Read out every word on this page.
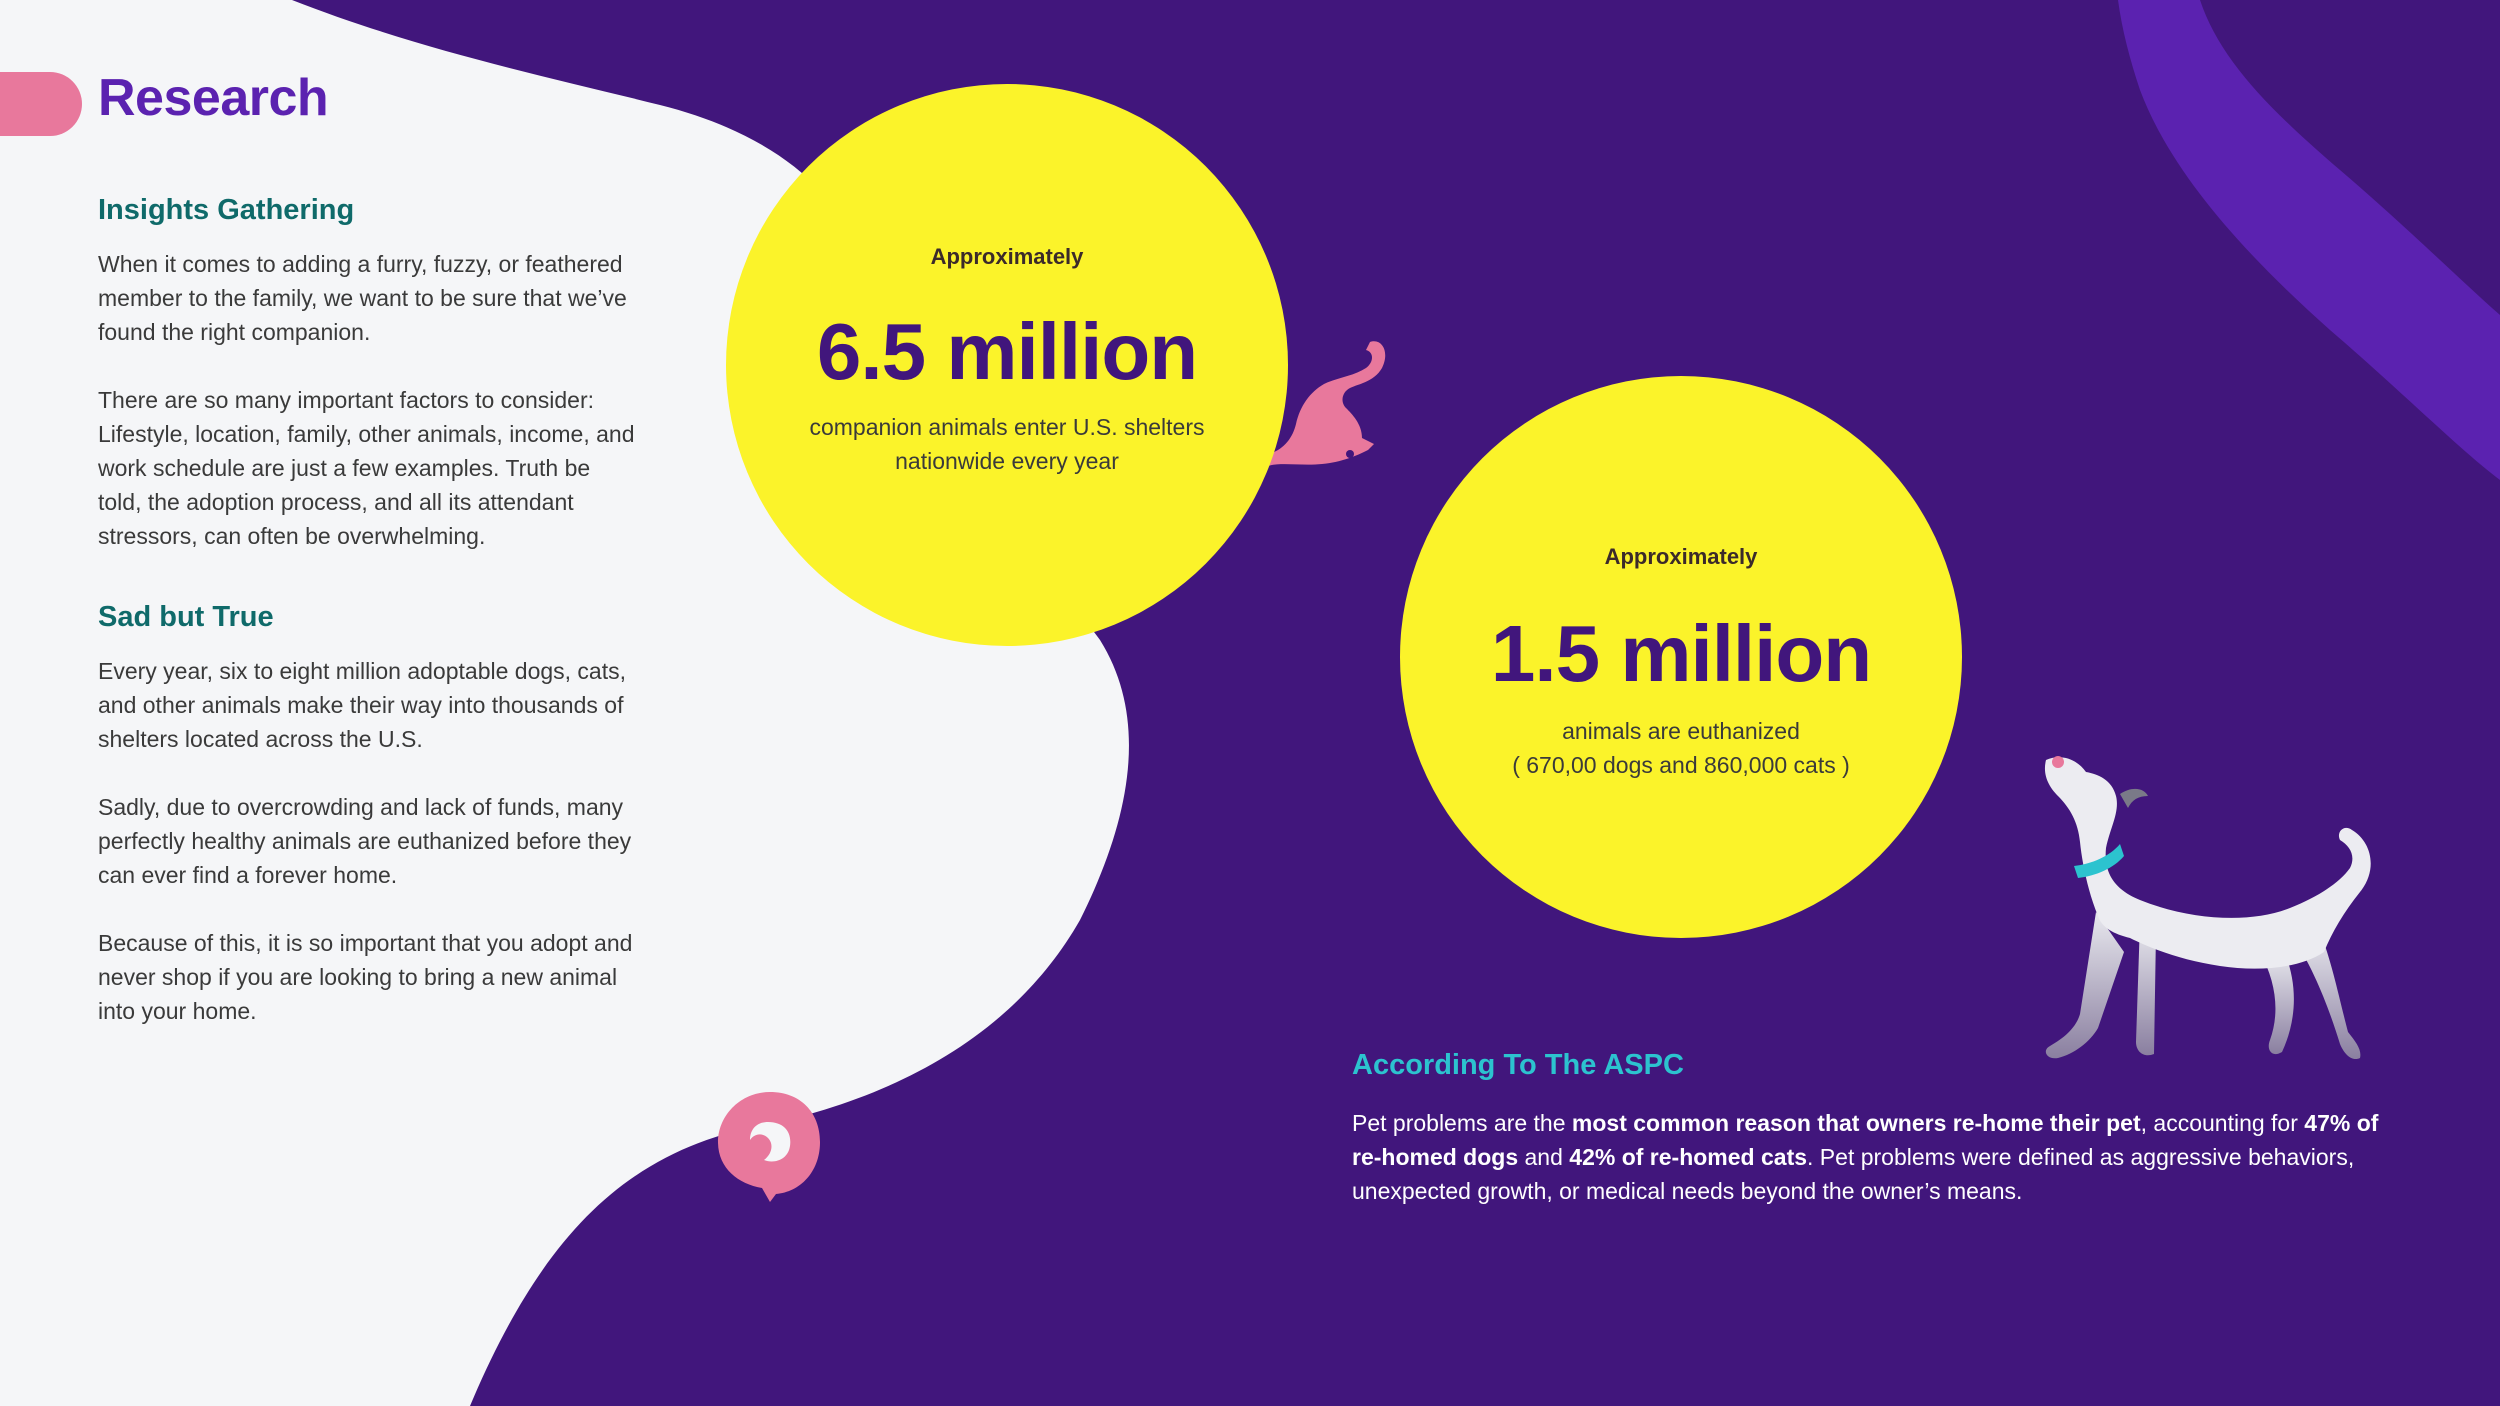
Research
Insights Gathering

When it comes to adding a furry, fuzzy, or feathered member to the family, we want to be sure that we’ve found the right companion.

There are so many important factors to consider: Lifestyle, location, family, other animals, income, and work schedule are just a few examples. Truth be told, the adoption process, and all its attendant stressors, can often be overwhelming.

Sad but True

Every year, six to eight million adoptable dogs, cats, and other animals make their way into thousands of shelters located across the U.S.

Sadly, due to overcrowding and lack of funds, many perfectly healthy animals are euthanized before they can ever find a forever home.

Because of this, it is so important that you adopt and never shop if you are looking to bring a new animal into your home.

Approximately
6.5 million
companion animals enter U.S. shelters nationwide every year
Approximately
1.5 million
animals are euthanized
( 670,00 dogs and 860,000 cats )
According To The ASPC

Pet problems are the most common reason that owners re-home their pet, accounting for 47% of re-homed dogs and 42% of re-homed cats. Pet problems were defined as aggressive behaviors, unexpected growth, or medical needs beyond the owner’s means.
